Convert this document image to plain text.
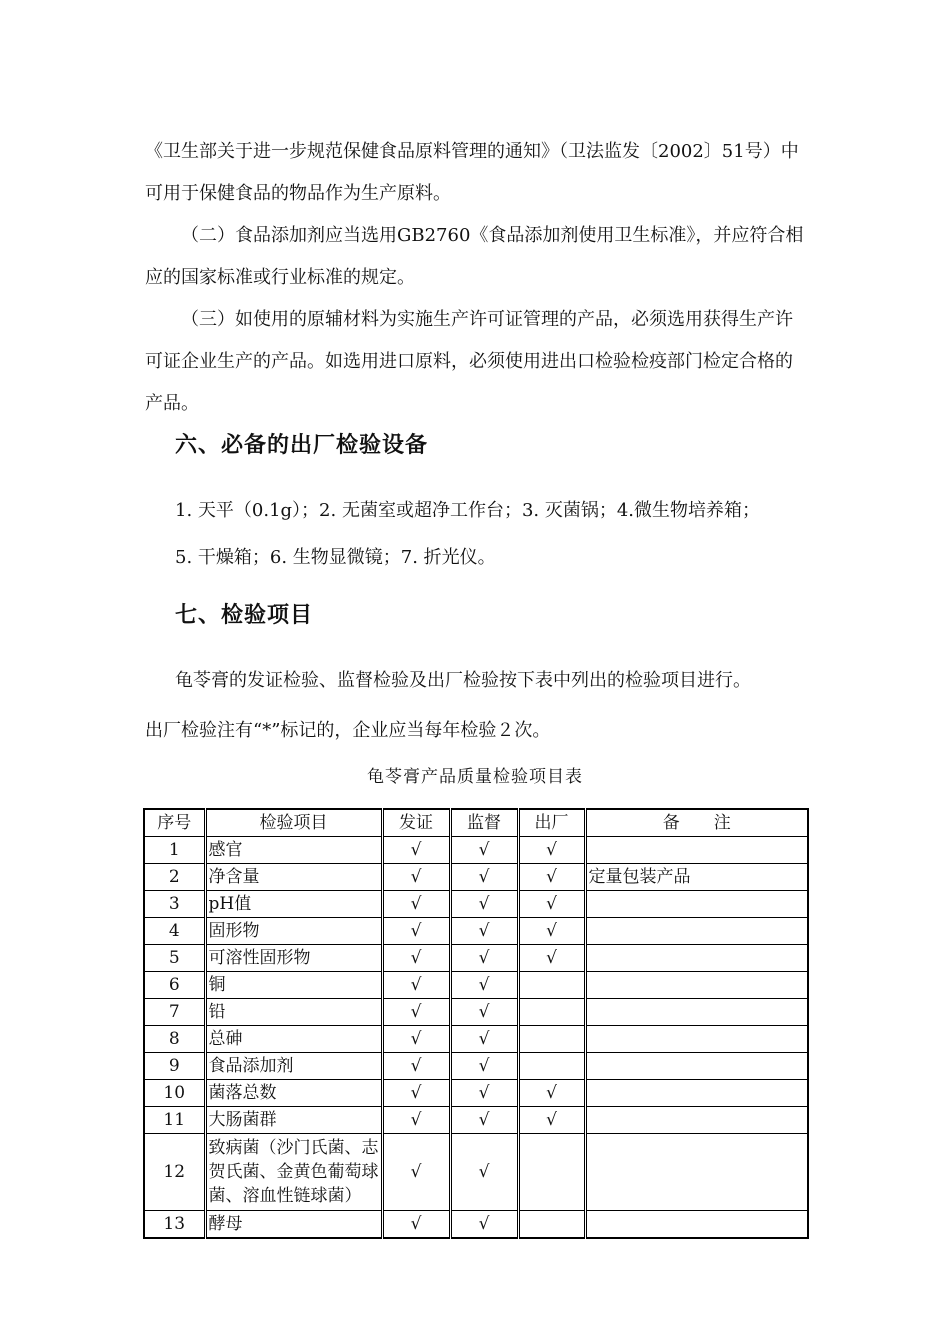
《卫生部关于进一步规范保健食品原料管理的通知》（卫法监发〔2002〕51号）中可用于保健食品的物品作为生产原料。

（二）食品添加剂应当选用GB2760《食品添加剂使用卫生标准》，并应符合相应的国家标准或行业标准的规定。

（三）如使用的原辅材料为实施生产许可证管理的产品，必须选用获得生产许可证企业生产的产品。如选用进口原料，必须使用进出口检验检疫部门检定合格的产品。

六、必备的出厂检验设备

1. 天平（0.1g）；2. 无菌室或超净工作台；3. 灭菌锅；4.微生物培养箱；

5. 干燥箱；6. 生物显微镜；7. 折光仪。

七、检验项目

龟苓膏的发证检验、监督检验及出厂检验按下表中列出的检验项目进行。

出厂检验注有“*”标记的，企业应当每年检验２次。

龟苓膏产品质量检验项目表

序号	检验项目	发证	监督	出厂	备　　注
1	感官	√	√	√	
2	净含量	√	√	√	定量包装产品
3	pH值	√	√	√	
4	固形物	√	√	√	
5	可溶性固形物	√	√	√	
6	铜	√	√		
7	铅	√	√		
8	总砷	√	√		
9	食品添加剂	√	√		
10	菌落总数	√	√	√	
11	大肠菌群	√	√	√	
12	致病菌（沙门氏菌、志贺氏菌、金黄色葡萄球菌、溶血性链球菌）	√	√		
13	酵母	√	√		
